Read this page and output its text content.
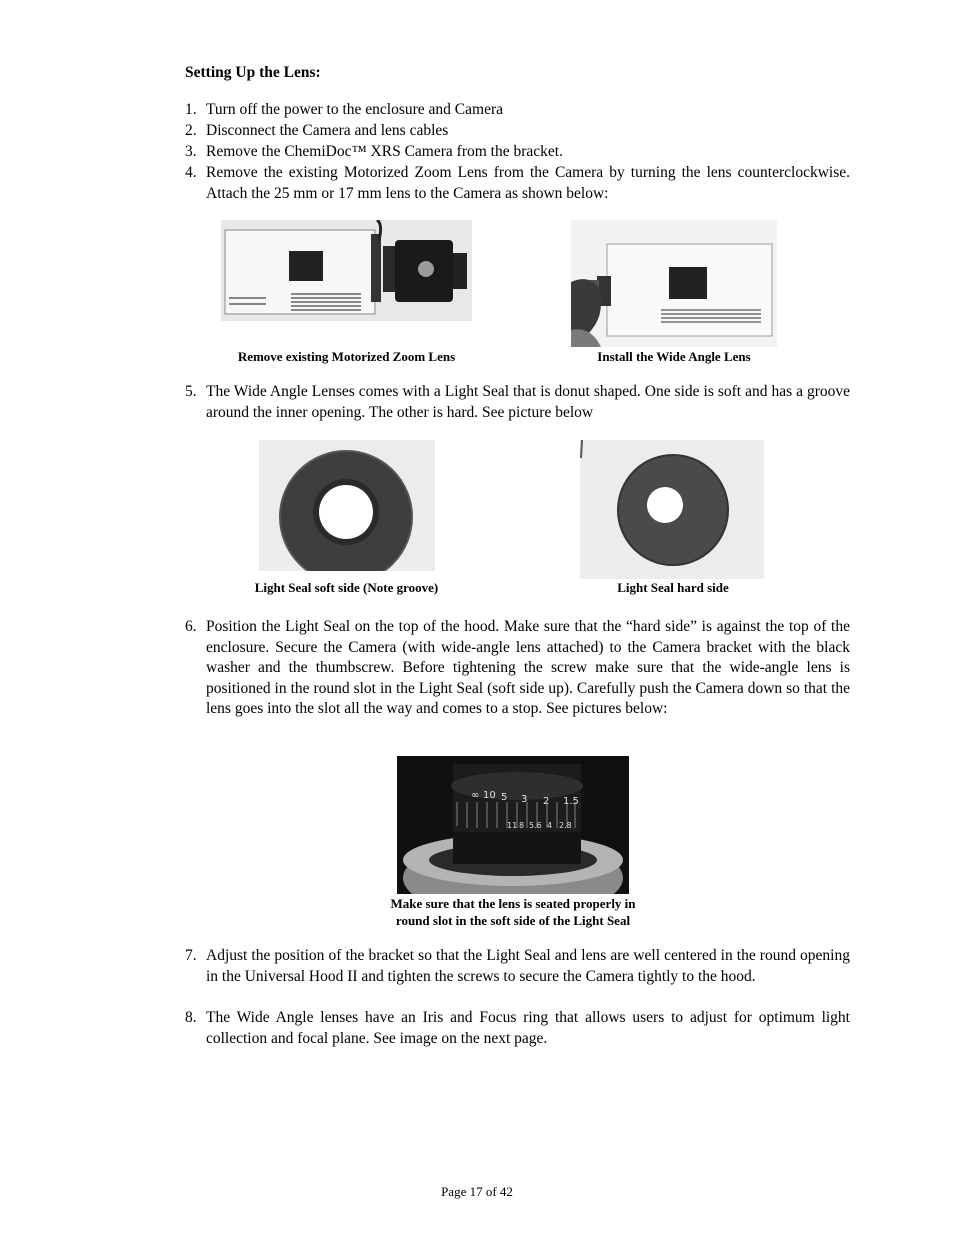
Setting Up the Lens:
1. Turn off the power to the enclosure and Camera
2. Disconnect the Camera and lens cables
3. Remove the ChemiDoc™ XRS Camera from the bracket.
4. Remove the existing Motorized Zoom Lens from the Camera by turning the lens counterclockwise. Attach the 25 mm or 17 mm lens to the Camera as shown below:
Remove existing Motorized Zoom Lens	Install the Wide Angle Lens
5. The Wide Angle Lenses comes with a Light Seal that is donut shaped. One side is soft and has a groove around the inner opening. The other is hard. See picture below
Light Seal soft side (Note groove)	Light Seal hard side
6. Position the Light Seal on the top of the hood. Make sure that the “hard side” is against the top of the enclosure. Secure the Camera (with wide-angle lens attached) to the Camera bracket with the black washer and the thumbscrew. Before tightening the screw make sure that the wide-angle lens is positioned in the round slot in the Light Seal (soft side up). Carefully push the Camera down so that the lens goes into the slot all the way and comes to a stop. See pictures below:
∞ 10 5 3 2 1.5
11 8 5.6 4 2.8
Make sure that the lens is seated properly in
round slot in the soft side of the Light Seal
7. Adjust the position of the bracket so that the Light Seal and lens are well centered in the round opening in the Universal Hood II and tighten the screws to secure the Camera tightly to the hood.
8. The Wide Angle lenses have an Iris and Focus ring that allows users to adjust for optimum light collection and focal plane. See image on the next page.
Page 17 of 42
